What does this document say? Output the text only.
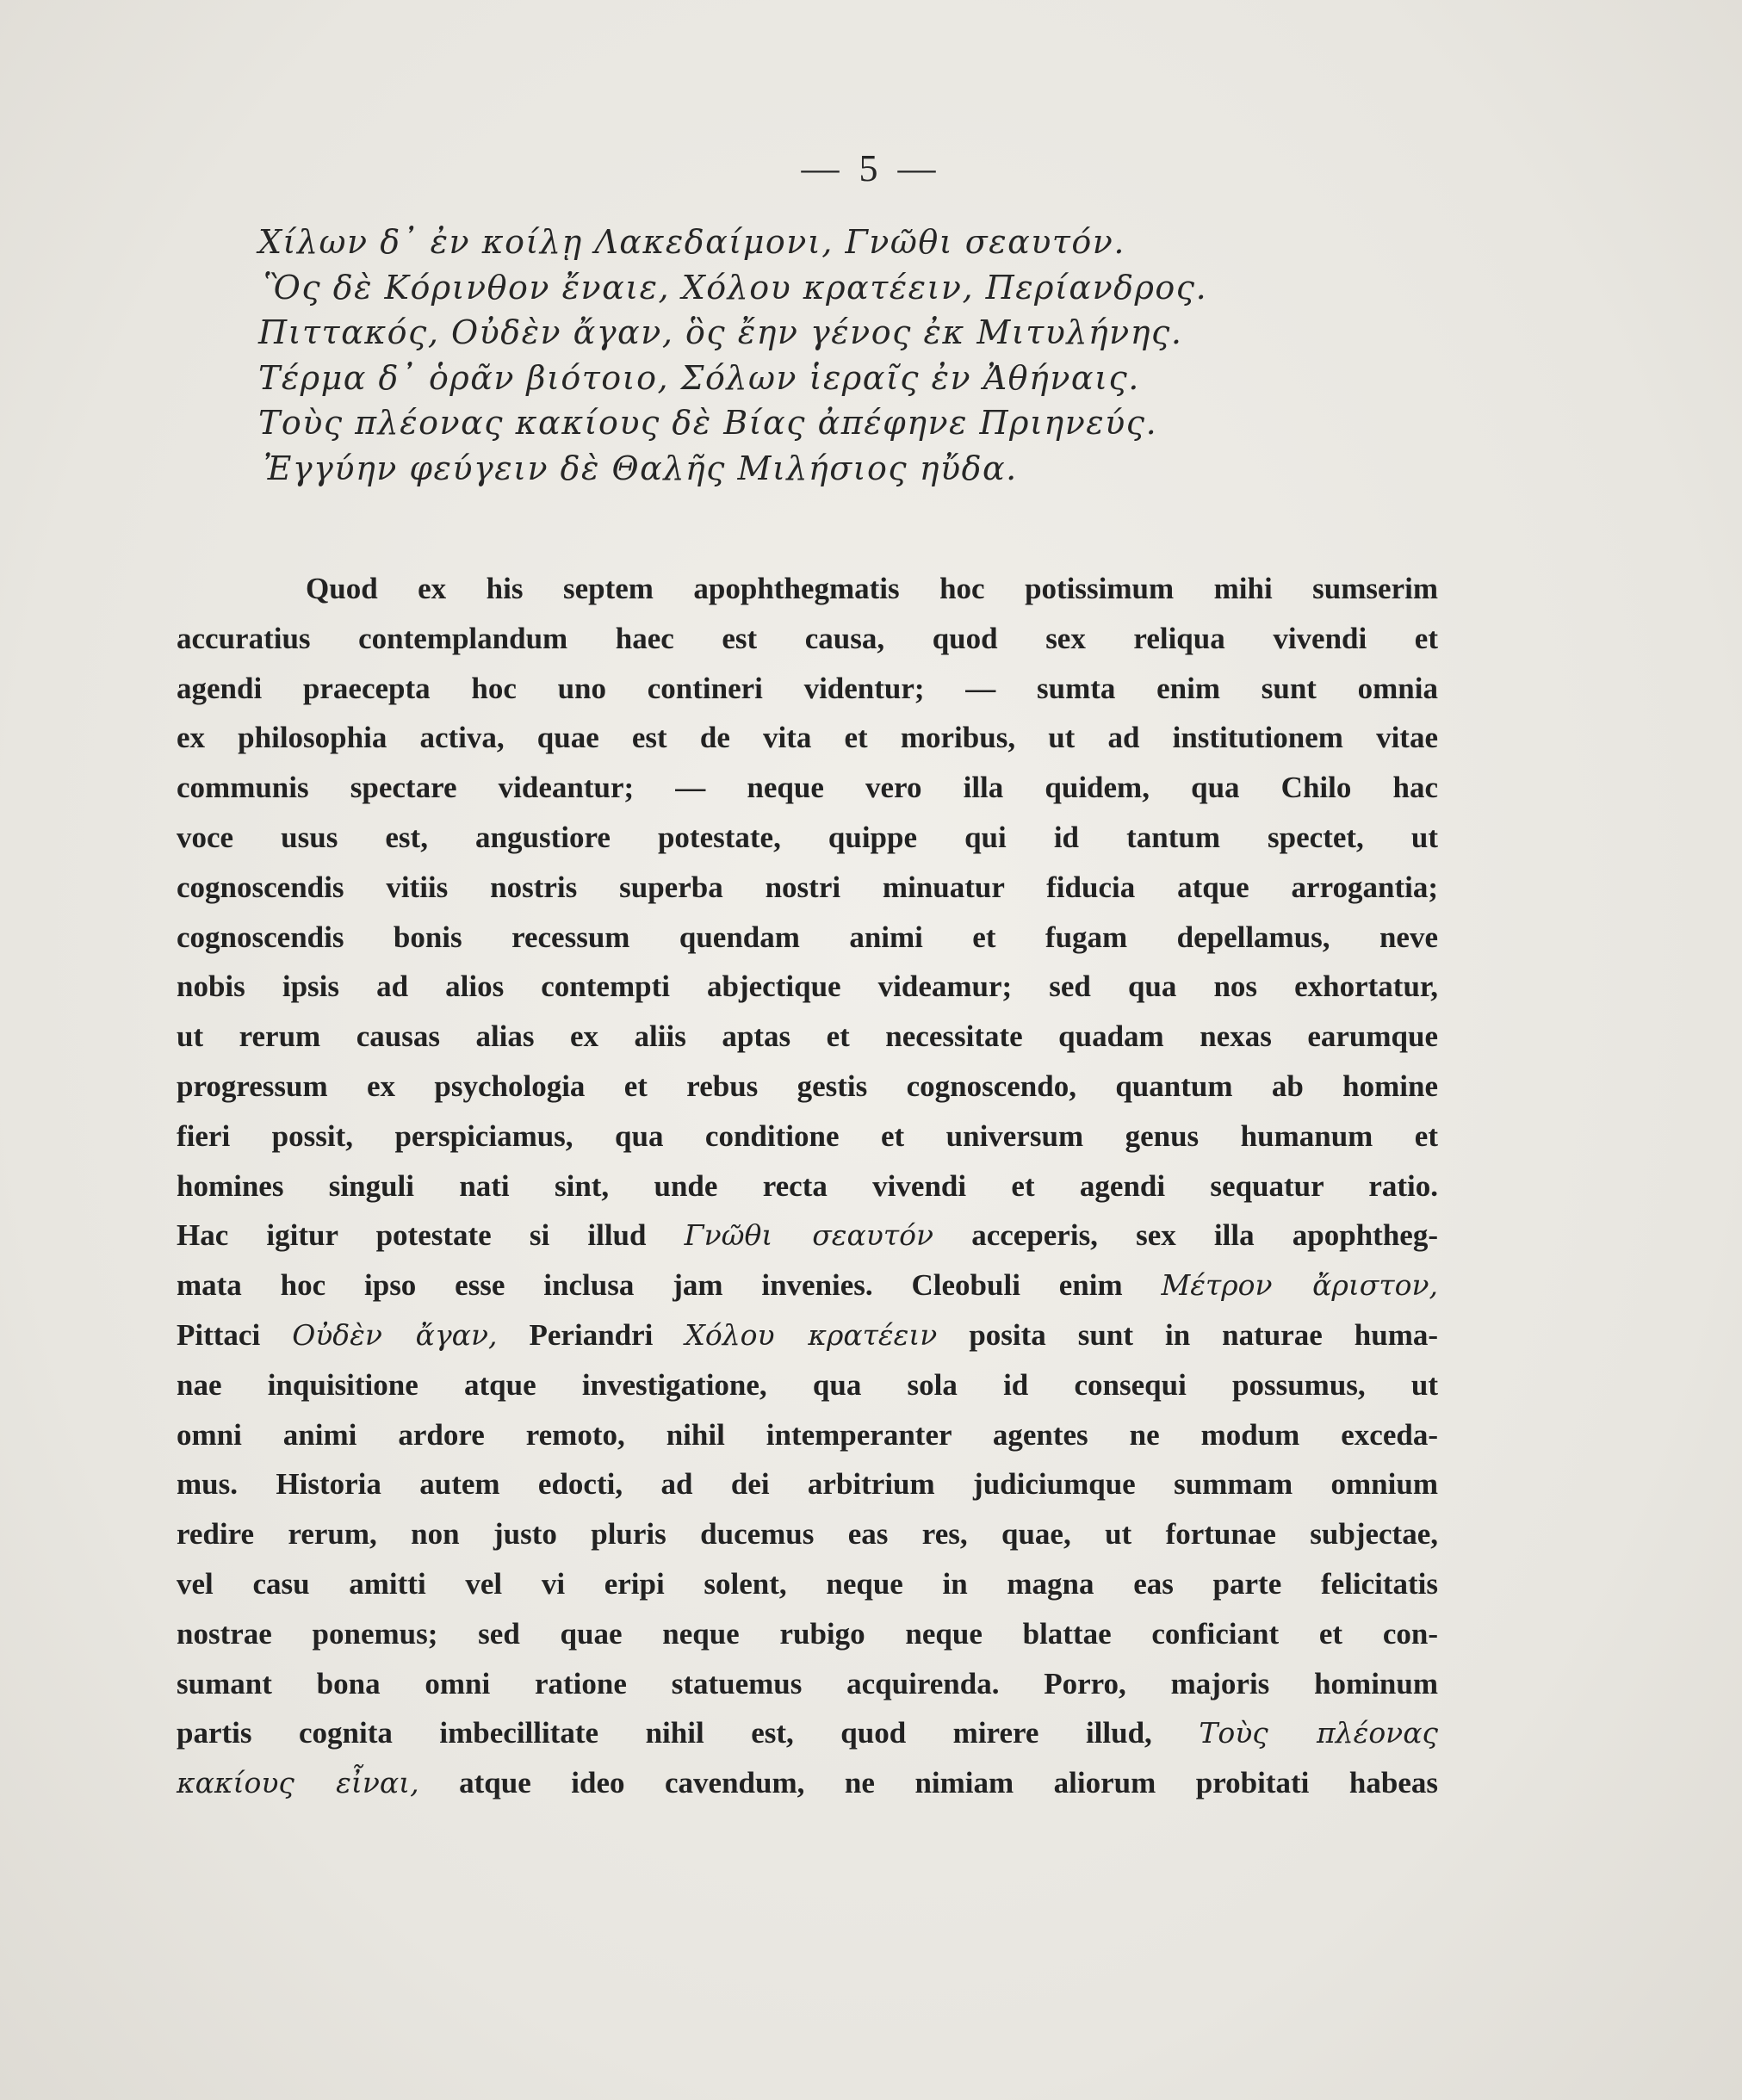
— 5 —
Χίλων δ᾽ ἐν κοίλῃ Λακεδαίμονι, Γνῶθι σεαυτόν.
Ὃς δὲ Κόρινθον ἔναιε, Χόλου κρατέειν, Περίανδρος.
Πιττακός, Οὐδὲν ἄγαν, ὃς ἔην γένος ἐκ Μιτυλήνης.
Τέρμα δ᾽ ὁρᾶν βιότοιο, Σόλων ἱεραῖς ἐν Ἀθήναις.
Τοὺς πλέονας κακίους δὲ Βίας ἀπέφηνε Πριηνεύς.
Ἐγγύην φεύγειν δὲ Θαλῆς Μιλήσιος ηὔδα.
Quod ex his septem apophthegmatis hoc potissimum mihi sumserim
accuratius contemplandum haec est causa, quod sex reliqua vivendi et
agendi praecepta hoc uno contineri videntur; — sumta enim sunt omnia
ex philosophia activa, quae est de vita et moribus, ut ad institutionem vitae
communis spectare videantur; — neque vero illa quidem, qua Chilo hac
voce usus est, angustiore potestate, quippe qui id tantum spectet, ut
cognoscendis vitiis nostris superba nostri minuatur fiducia atque arrogantia;
cognoscendis bonis recessum quendam animi et fugam depellamus, neve
nobis ipsis ad alios contempti abjectique videamur; sed qua nos exhortatur,
ut rerum causas alias ex aliis aptas et necessitate quadam nexas earumque
progressum ex psychologia et rebus gestis cognoscendo, quantum ab homine
fieri possit, perspiciamus, qua conditione et universum genus humanum et
homines singuli nati sint, unde recta vivendi et agendi sequatur ratio.
Hac igitur potestate si illud Γνῶθι σεαυτόν acceperis, sex illa apophtheg-
mata hoc ipso esse inclusa jam invenies. Cleobuli enim Μέτρον ἄριστον,
Pittaci Οὐδὲν ἄγαν, Periandri Χόλου κρατέειν posita sunt in naturae huma-
nae inquisitione atque investigatione, qua sola id consequi possumus, ut
omni animi ardore remoto, nihil intemperanter agentes ne modum exceda-
mus. Historia autem edocti, ad dei arbitrium judiciumque summam omnium
redire rerum, non justo pluris ducemus eas res, quae, ut fortunae subjectae,
vel casu amitti vel vi eripi solent, neque in magna eas parte felicitatis
nostrae ponemus; sed quae neque rubigo neque blattae conficiant et con-
sumant bona omni ratione statuemus acquirenda. Porro, majoris hominum
partis cognita imbecillitate nihil est, quod mirere illud, Τοὺς πλέονας
κακίους εἶναι, atque ideo cavendum, ne nimiam aliorum probitati habeas
